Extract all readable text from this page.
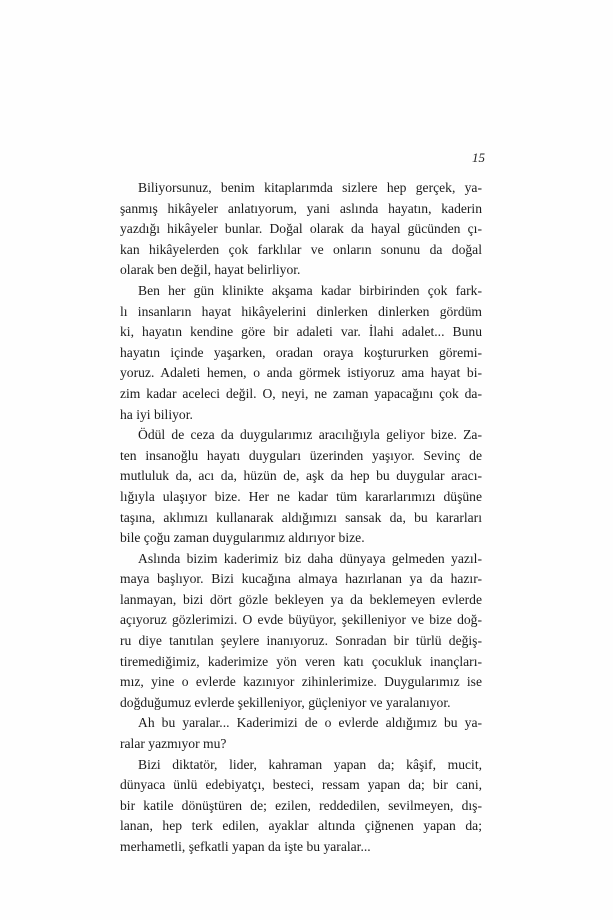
15
Biliyorsunuz, benim kitaplarımda sizlere hep gerçek, ya-
şanmış hikâyeler anlatıyorum, yani aslında hayatın, kaderin
yazdığı hikâyeler bunlar. Doğal olarak da hayal gücünden çı-
kan hikâyelerden çok farklılar ve onların sonunu da doğal
olarak ben değil, hayat belirliyor.
Ben her gün klinikte akşama kadar birbirinden çok fark-
lı insanların hayat hikâyelerini dinlerken dinlerken gördüm
ki, hayatın kendine göre bir adaleti var. İlahi adalet... Bunu
hayatın içinde yaşarken, oradan oraya koştururken göremi-
yoruz. Adaleti hemen, o anda görmek istiyoruz ama hayat bi-
zim kadar aceleci değil. O, neyi, ne zaman yapacağını çok da-
ha iyi biliyor.
Ödül de ceza da duygularımız aracılığıyla geliyor bize. Za-
ten insanoğlu hayatı duyguları üzerinden yaşıyor. Sevinç de
mutluluk da, acı da, hüzün de, aşk da hep bu duygular aracı-
lığıyla ulaşıyor bize. Her ne kadar tüm kararlarımızı düşüne
taşına, aklımızı kullanarak aldığımızı sansak da, bu kararları
bile çoğu zaman duygularımız aldırıyor bize.
Aslında bizim kaderimiz biz daha dünyaya gelmeden yazıl-
maya başlıyor. Bizi kucağına almaya hazırlanan ya da hazır-
lanmayan, bizi dört gözle bekleyen ya da beklemeyen evlerde
açıyoruz gözlerimizi. O evde büyüyor, şekilleniyor ve bize doğ-
ru diye tanıtılan şeylere inanıyoruz. Sonradan bir türlü değiş-
tiremediğimiz, kaderimize yön veren katı çocukluk inançları-
mız, yine o evlerde kazınıyor zihinlerimize. Duygularımız ise
doğduğumuz evlerde şekilleniyor, güçleniyor ve yaralanıyor.
Ah bu yaralar... Kaderimizi de o evlerde aldığımız bu ya-
ralar yazmıyor mu?
Bizi diktatör, lider, kahraman yapan da; kâşif, mucit,
dünyaca ünlü edebiyatçı, besteci, ressam yapan da; bir cani,
bir katile dönüştüren de; ezilen, reddedilen, sevilmeyen, dış-
lanan, hep terk edilen, ayaklar altında çiğnenen yapan da;
merhametli, şefkatli yapan da işte bu yaralar...
